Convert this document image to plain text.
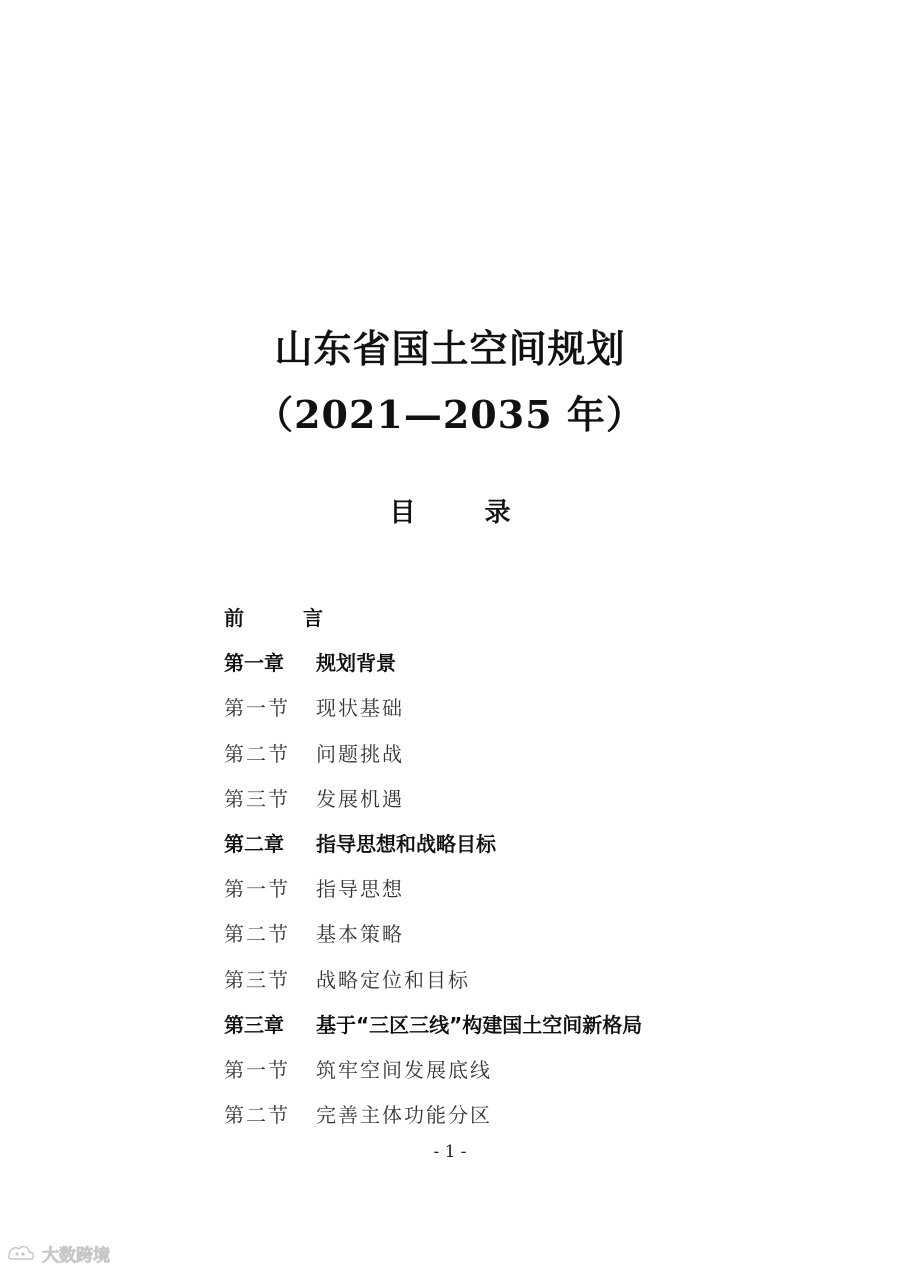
山东省国土空间规划
（2021—2035 年）
目 录
前 言
第一章	规划背景
第一节	现状基础
第二节	问题挑战
第三节	发展机遇
第二章	指导思想和战略目标
第一节	指导思想
第二节	基本策略
第三节	战略定位和目标
第三章	基于“三区三线”构建国土空间新格局
第一节	筑牢空间发展底线
第二节	完善主体功能分区
- 1 -
大数跨境
